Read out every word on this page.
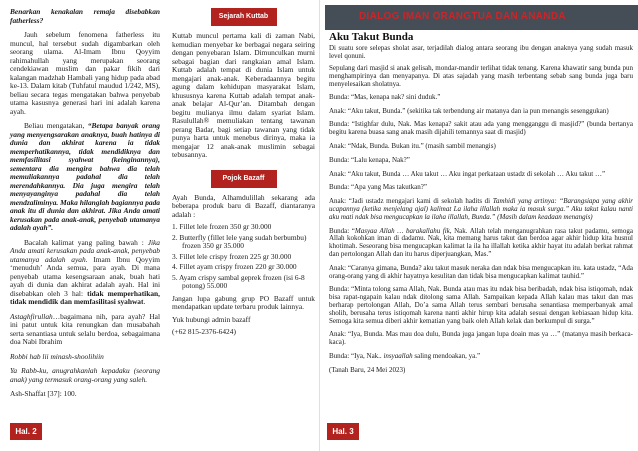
Benarkan kenakalan remaja disebabkan fatherless?

Jauh sebelum fenomena fatherless itu muncul, hal tersebut sudah digambarkan oleh seorang ulama. Al-Imam Ibnu Qoyyim rahimahullah yang merupakan seorang cendekiawan muslim dan pakar fikih dari kalangan madzhab Hambali yang hidup pada abad ke-13. Dalam kitab (Tuhfatul maudud 1/242, MS), beliau secara tegas mengatakan bahwa penyebab utama kasusnya generasi hari ini adalah karena ayah.

Beliau mengatakan, “Betapa banyak orang yang menyengsarakan anaknya, buah hatinya di dunia dan akhirat karena ia tidak memperhatikannya, tidak mendidiknya dan memfasilitasi syahwat (keinginannya), sementara dia mengira bahwa dia telah memuliakannya padahal dia telah merendahkannya. Dia juga mengira telah menyayanginya padahal dia telah mendzaliminya. Maka hilanglah bagiannya pada anak itu di dunia dan akhirat. Jika Anda amati kerusakan pada anak-anak, penyebab utamanya adalah ayah”.

Bacalah kalimat yang paling bawah : Jika Anda amati kerusakan pada anak-anak, penyebab utamanya adalah ayah. Imam Ibnu Qoyyim ‘menuduh’ Anda semua, para ayah. Di mana penyebab utama kesengsaraan anak, buah hati ayah di dunia dan akhirat adalah ayah. Hal ini disebabkan oleh 3 hal: tidak memperhatikan, tidak mendidik dan memfasilitasi syahwat.

Astaghfirullah…bagaimana nih, para ayah? Hal ini patut untuk kita renungkan dan musabahah serta senantiasa untuk selalu berdoa, sebagaimana doa Nabi Ibrahim

Robbi hab lii minash-shoolihiin

Ya Rabb-ku, anugrahkanlah kepadaku (seorang anak) yang termasuk orang-orang yang saleh.

Ash-Shaffat [37]: 100.

Sejarah Kuttab

Kuttab muncul pertama kali di zaman Nabi, kemudian menyebar ke berbagai negara seiring dengan penyebaran Islam. Dimunculkan murni sebagai bagian dari rangkaian amal Islam. Kuttab adalah tempat di dunia Islam untuk mengajari anak-anak. Keberadaannya begitu agung dalam kehidupan masyarakat Islam, khususnya karena Kuttab adalah tempat anak-anak belajar Al-Qur’an. Ditambah dengan begitu mulianya ilmu dalam syariat Islam. Rasulullah® memuliakan tentang tawanan perang Badar, bagi setiap tawanan yang tidak punya harta untuk menebus dirinya, maka ia mengajar 12 anak-anak muslimin sebagai tebusannya.

Pojok Bazaff

Ayah Bunda, Alhamdulillah sekarang ada beberapa produk baru di Bazaff, diantaranya adalah :

1. Fillet lele frozen 350 gr 30.000
2. Butterfly (fillet lele yang sudah berbumbu) frozen 350 gr 35.000
3. Fillet lele crispy frozen 225 gr 30.000
4. Fillet ayam crispy frozen 220 gr 30.000
5. Ayam crispy sambal geprek frozen (isi 6-8 potong) 55.000

Jangan lupa gabung grup PO Bazaff untuk mendapatkan update terbaru produk lainnya.

Yuk hubungi admin bazaff

(+62 815-2376-6424)

Hal. 2
DIALOG IMAN ORANGTUA DAN ANANDA
Aku Takut Bunda

Di suatu sore selepas sholat asar, terjadilah dialog antara seorang ibu dengan anaknya yang sudah masuk level qonuni.

Sepulang dari masjid si anak gelisah, mondar-mandir terlihat tidak tenang. Karena khawatir sang bunda pun menghampirinya dan menyapanya. Di atas sajadah yang masih terbentang sebab sang bunda juga baru menyelesaikan sholatnya.

Bunda: “Mas, kenapa nak? sini duduk.”

Anak: “Aku takut, Bunda.” (sekitika tak terbendung air matanya dan ia pun menangis sesenggukan)

Bunda: “Istighfar dulu, Nak. Mas kenapa? sakit atau ada yang mengganggu di masjid?” (bunda bertanya begitu karena buasa sang anak masih dijahili temannya saat di masjid)

Anak: “Ndak, Bunda. Bukan itu.” (masih sambil menangis)

Bunda: “Lalu kenapa, Nak?”

Anak: “Aku takut, Bunda … Aku takut … Aku ingat perkataan ustadz di sekolah … Aku takut …”

Bunda: “Apa yang Mas takutkan?”

Anak: “Jadi ustadz mengajari kami di sekolah hadits di Tamhidi yang artinya: “Barangsiapa yang akhir ucapannya (ketika menjelang ajal) kalimat La ilaha illallah maka ia masuk surga.” Aku takut kalau nanti aku mati ndak bisa mengucapkan la ilaha illallah, Bunda.” (Masih dalam keadaan menangis)

Bunda: “Masyaa Allah … barakallahu fik, Nak. Allah telah menganugrahkan rasa takut padamu, semoga Allah kokohkan iman di dadamu. Nak, kita memang harus takut dan berdoa agar akhir hidup kita husnul khotimah. Seseorang bisa mengucapkan kalimat la ila ha illallah ketika akhir hayat itu adalah berkat rahmat dan pertolongan Allah dan itu harus diperjuangkan, Mas.”

Anak: “Caranya gimana, Bunda? aku takut masuk neraka dan ndak bisa mengucapkan itu. kata ustadz, “Ada orang-orang yang di akhir hayatnya kesulitan dan tidak bisa mengucapkan kalimat tauhid.”

Bunda: “Minta tolong sama Allah, Nak. Bunda atau mas itu ndak bisa beribadah, ndak bisa istiqomah, ndak bisa rapat-ngapain kalau ndak ditolong sama Allah. Sampaikan kepada Allah kalau mas takut dan mas berharap pertolongan Allah, Do’a sama Allah terus sembari berusaha senantiasa memperbanyak amal sholih, berusaha terus istiqomah karena nanti akhir hirup kita adalah sesuai dengan kebiasaan hidup kita. Semoga kita semua diberi akhir kematian yang baik oleh Allah kelak dan berkumpul di surga.”

Anak: “Iya, Bunda. Mas mau doa dulu, Bunda juga jangan lupa doain mas ya …” (matanya masih berkaca-kaca).

Bunda: “Iya, Nak.. insyaallah saling mendoakan, ya.”

(Tanah Baru, 24 Mei 2023)

Hal. 3
